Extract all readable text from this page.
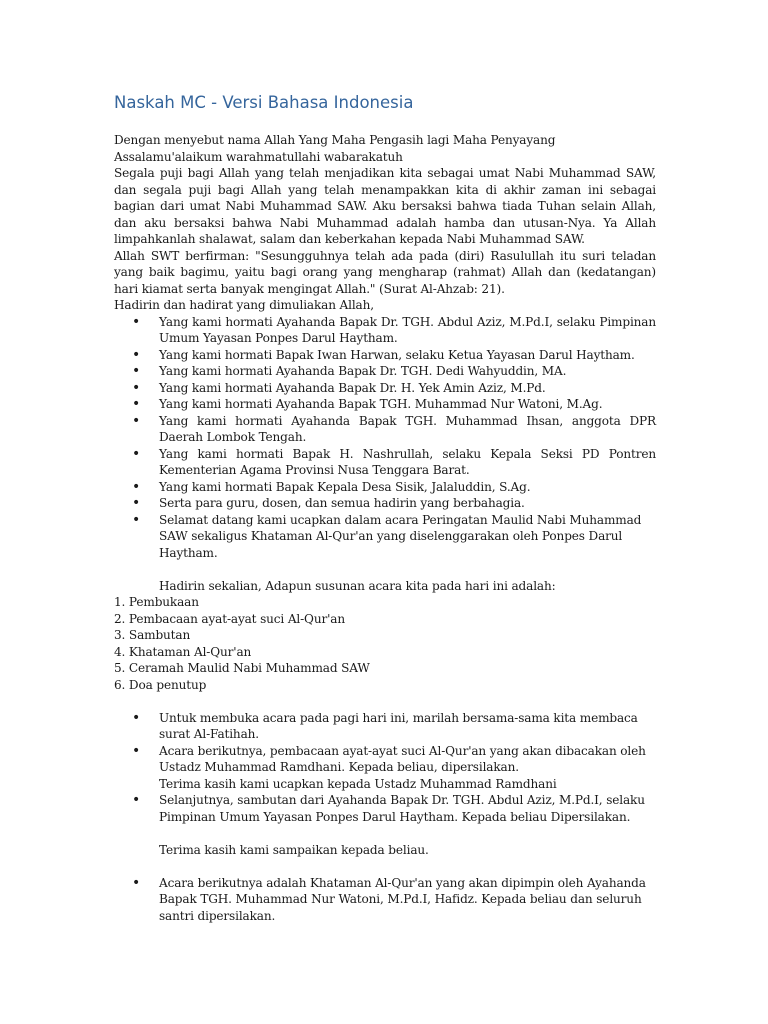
Naskah MC - Versi Bahasa Indonesia

Dengan menyebut nama Allah Yang Maha Pengasih lagi Maha Penyayang

Assalamu'alaikum warahmatullahi wabarakatuh

Segala puji bagi Allah yang telah menjadikan kita sebagai umat Nabi Muhammad SAW, dan segala puji bagi Allah yang telah menampakkan kita di akhir zaman ini sebagai bagian dari umat Nabi Muhammad SAW. Aku bersaksi bahwa tiada Tuhan selain Allah, dan aku bersaksi bahwa Nabi Muhammad adalah hamba dan utusan-Nya. Ya Allah limpahkanlah shalawat, salam dan keberkahan kepada Nabi Muhammad SAW.

Allah SWT berfirman: "Sesungguhnya telah ada pada (diri) Rasulullah itu suri teladan yang baik bagimu, yaitu bagi orang yang mengharap (rahmat) Allah dan (kedatangan) hari kiamat serta banyak mengingat Allah." (Surat Al-Ahzab: 21).

Hadirin dan hadirat yang dimuliakan Allah,

• Yang kami hormati Ayahanda Bapak Dr. TGH. Abdul Aziz, M.Pd.I, selaku Pimpinan Umum Yayasan Ponpes Darul Haytham.
• Yang kami hormati Bapak Iwan Harwan, selaku Ketua Yayasan Darul Haytham.
• Yang kami hormati Ayahanda Bapak Dr. TGH. Dedi Wahyuddin, MA.
• Yang kami hormati Ayahanda Bapak Dr. H. Yek Amin Aziz, M.Pd.
• Yang kami hormati Ayahanda Bapak TGH. Muhammad Nur Watoni, M.Ag.
• Yang kami hormati Ayahanda Bapak TGH. Muhammad Ihsan, anggota DPR Daerah Lombok Tengah.
• Yang kami hormati Bapak H. Nashrullah, selaku Kepala Seksi PD Pontren Kementerian Agama Provinsi Nusa Tenggara Barat.
• Yang kami hormati Bapak Kepala Desa Sisik, Jalaluddin, S.Ag.
• Serta para guru, dosen, dan semua hadirin yang berbahagia.
• Selamat datang kami ucapkan dalam acara Peringatan Maulid Nabi Muhammad SAW sekaligus Khataman Al-Qur'an yang diselenggarakan oleh Ponpes Darul Haytham.

Hadirin sekalian, Adapun susunan acara kita pada hari ini adalah:

1. Pembukaan
2. Pembacaan ayat-ayat suci Al-Qur'an
3. Sambutan
4. Khataman Al-Qur'an
5. Ceramah Maulid Nabi Muhammad SAW
6. Doa penutup
• Untuk membuka acara pada pagi hari ini, marilah bersama-sama kita membaca surat Al-Fatihah.
• Acara berikutnya, pembacaan ayat-ayat suci Al-Qur'an yang akan dibacakan oleh Ustadz Muhammad Ramdhani. Kepada beliau, dipersilakan.
Terima kasih kami ucapkan kepada Ustadz Muhammad Ramdhani
• Selanjutnya, sambutan dari Ayahanda Bapak Dr. TGH. Abdul Aziz, M.Pd.I, selaku Pimpinan Umum Yayasan Ponpes Darul Haytham. Kepada beliau Dipersilakan.

Terima kasih kami sampaikan kepada beliau.

• Acara berikutnya adalah Khataman Al-Qur'an yang akan dipimpin oleh Ayahanda Bapak TGH. Muhammad Nur Watoni, M.Pd.I, Hafidz. Kepada beliau dan seluruh santri dipersilakan.
